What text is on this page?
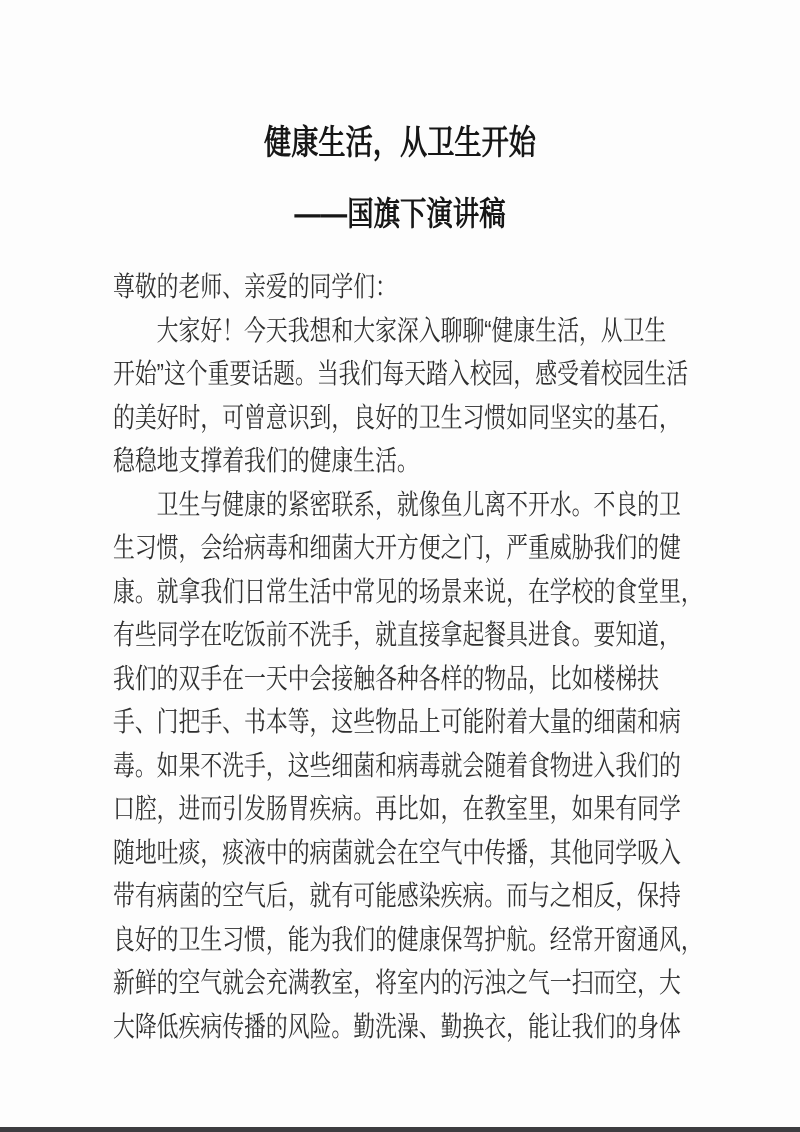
健康生活，从卫生开始
——国旗下演讲稿
尊敬的老师、亲爱的同学们：
　　大家好！今天我想和大家深入聊聊“健康生活，从卫生
开始”这个重要话题。当我们每天踏入校园，感受着校园生活
的美好时，可曾意识到，良好的卫生习惯如同坚实的基石，
稳稳地支撑着我们的健康生活。
　　卫生与健康的紧密联系，就像鱼儿离不开水。不良的卫
生习惯，会给病毒和细菌大开方便之门，严重威胁我们的健
康。就拿我们日常生活中常见的场景来说，在学校的食堂里，
有些同学在吃饭前不洗手，就直接拿起餐具进食。要知道，
我们的双手在一天中会接触各种各样的物品，比如楼梯扶
手、门把手、书本等，这些物品上可能附着大量的细菌和病
毒。如果不洗手，这些细菌和病毒就会随着食物进入我们的
口腔，进而引发肠胃疾病。再比如，在教室里，如果有同学
随地吐痰，痰液中的病菌就会在空气中传播，其他同学吸入
带有病菌的空气后，就有可能感染疾病。而与之相反，保持
良好的卫生习惯，能为我们的健康保驾护航。经常开窗通风，
新鲜的空气就会充满教室，将室内的污浊之气一扫而空，大
大降低疾病传播的风险。勤洗澡、勤换衣，能让我们的身体
